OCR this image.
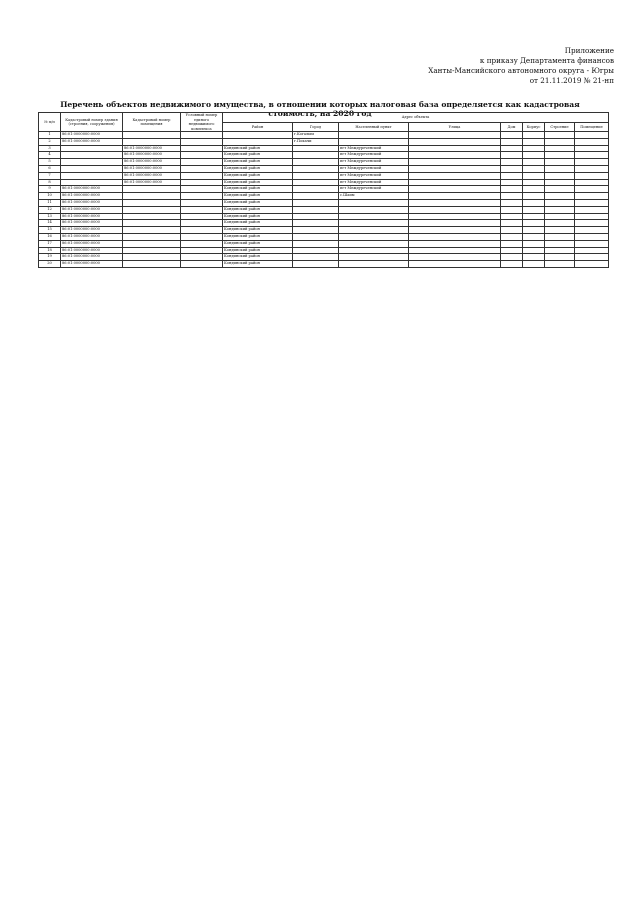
Приложение
к приказу Департамента финансов
Ханты-Мансийского автономного округа - Югры
от 21.11.2019 № 21-нп
Перечень объектов недвижимого имущества, в отношении которых налоговая база определяется как кадастровая стоимость, на 2020 год
№ п/п	Кадастровый номер здания (строения, сооружения)	Кадастровый номер помещения	Условный номер единого недвижимого комплекса	Адрес объекта							
				Район	Город	Населенный пункт	Улица	Дом	Корпус	Строение	Помещение
1	86:01:0000000:0000				г.Когалым						
2	86:01:0000000:0000				г.Покачи						
3		86:01:0000000:0000		Кондинский район		пгт Междуреченский					
4		86:01:0000000:0000		Кондинский район		пгт Междуреченский					
5		86:01:0000000:0000		Кондинский район		пгт Междуреченский					
6		86:01:0000000:0000		Кондинский район		пгт Междуреченский					
7		86:01:0000000:0000		Кондинский район		пгт Междуреченский					
8		86:01:0000000:0000		Кондинский район		пгт Междуреченский					
9	86:01:0000000:0000			Кондинский район		пгт Междуреченский					
10	86:01:0000000:0000			Кондинский район		с.Шаим					
11	86:01:0000000:0000			Кондинский район							
12	86:01:0000000:0000			Кондинский район							
13	86:01:0000000:0000			Кондинский район							
14	86:01:0000000:0000			Кондинский район							
15	86:01:0000000:0000			Кондинский район							
16	86:01:0000000:0000			Кондинский район							
17	86:01:0000000:0000			Кондинский район							
18	86:01:0000000:0000			Кондинский район							
19	86:01:0000000:0000			Кондинский район							
20	86:01:0000000:0000			Кондинский район							
